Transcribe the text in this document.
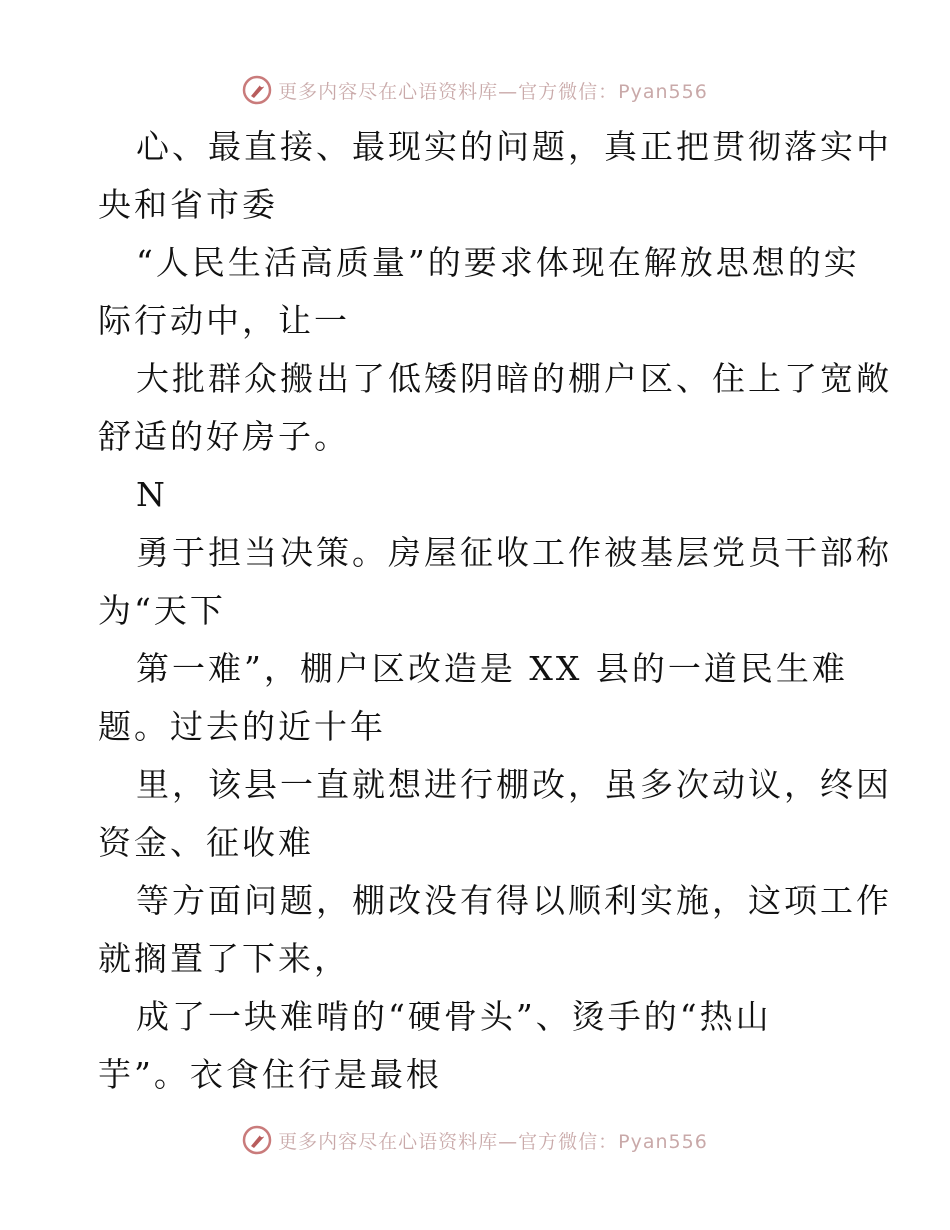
更多内容尽在心语资料库—官方微信：Pyan556
心、最直接、最现实的问题，真正把贯彻落实中
央和省市委
“人民生活高质量”的要求体现在解放思想的实
际行动中，让一
大批群众搬出了低矮阴暗的棚户区、住上了宽敞
舒适的好房子。
N
勇于担当决策。房屋征收工作被基层党员干部称
为“天下
第一难”，棚户区改造是 XX 县的一道民生难
题。过去的近十年
里，该县一直就想进行棚改，虽多次动议，终因
资金、征收难
等方面问题，棚改没有得以顺利实施，这项工作
就搁置了下来，
成了一块难啃的“硬骨头”、烫手的“热山
芋”。衣食住行是最根
更多内容尽在心语资料库—官方微信：Pyan556
